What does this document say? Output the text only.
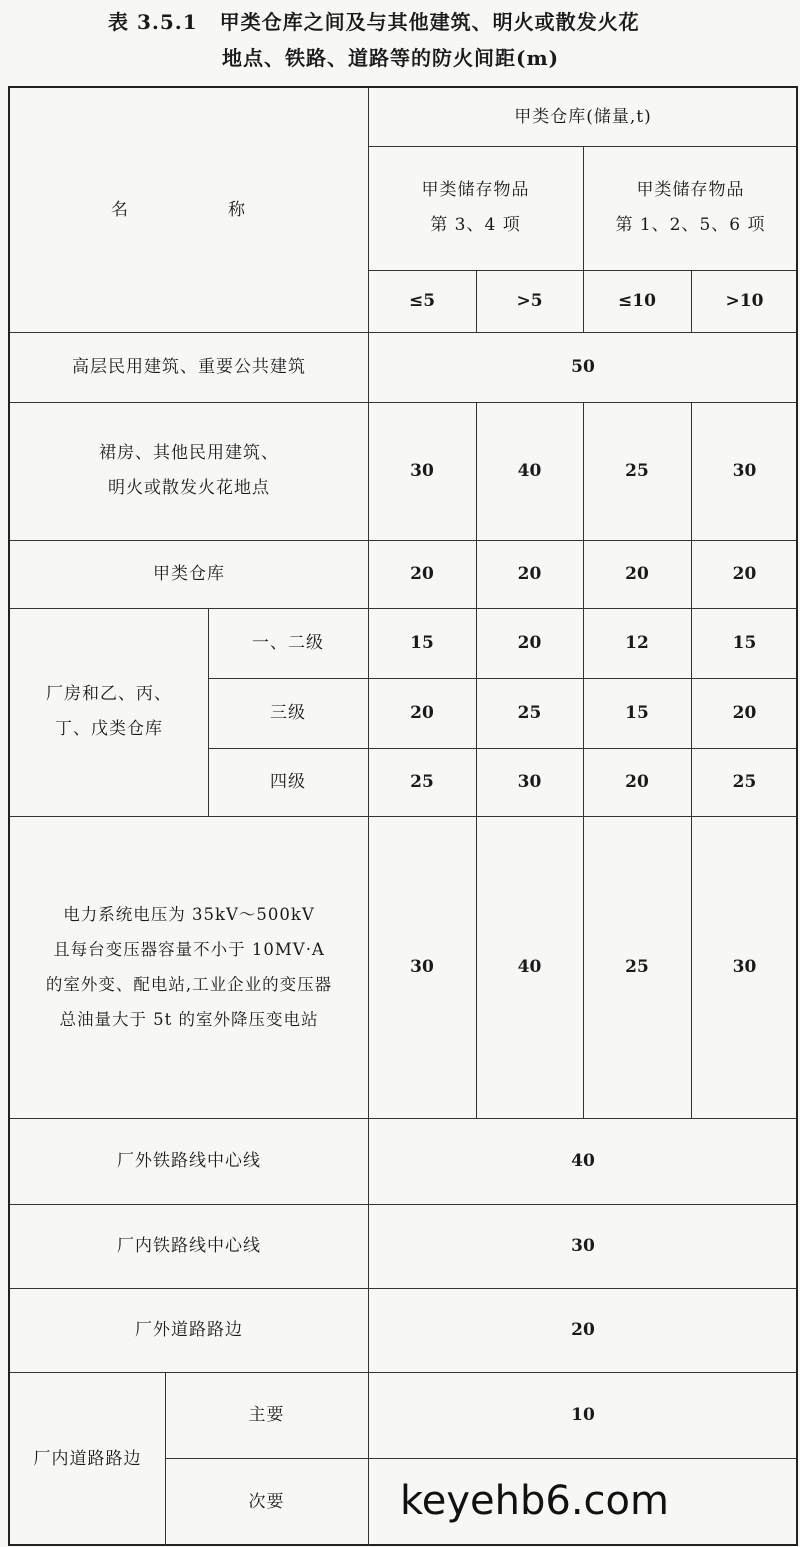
表 3.5.1 甲类仓库之间及与其他建筑、明火或散发火花
地点、铁路、道路等的防火间距(m)
名　　称
甲类仓库(储量,t)
甲类储存物品
第 3、4 项
甲类储存物品
第 1、2、5、6 项
≤5	>5	≤10	>10
高层民用建筑、重要公共建筑	50
裙房、其他民用建筑、
明火或散发火花地点
30	40	25	30
甲类仓库	20	20	20	20
厂房和乙、丙、
丁、戊类仓库
一、二级	15	20	12	15
三级	20	25	15	20
四级	25	30	20	25
电力系统电压为 35kV～500kV
且每台变压器容量不小于 10MV·A
的室外变、配电站,工业企业的变压器
总油量大于 5t 的室外降压变电站
30	40	25	30
厂外铁路线中心线	40
厂内铁路线中心线	30
厂外道路路边	20
厂内道路路边
主要	10
次要	keyehb6.com
